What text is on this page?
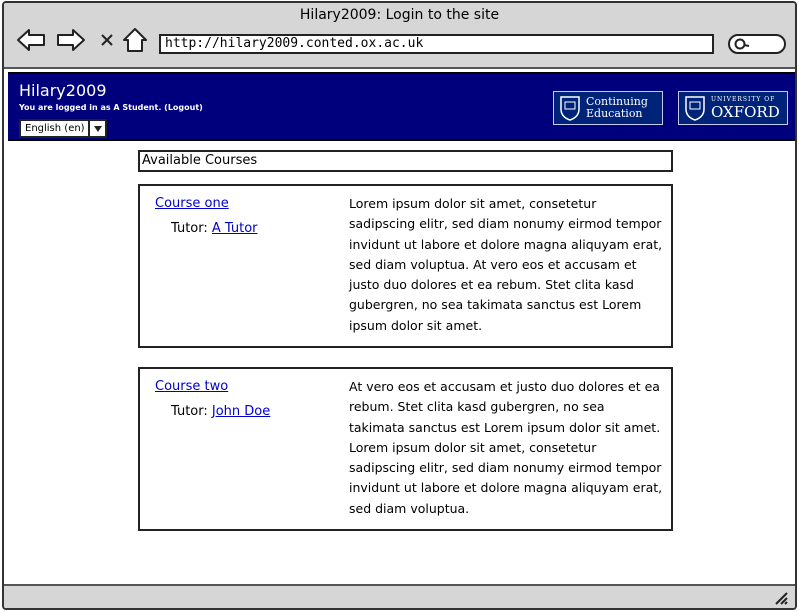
Hilary2009: Login to the site
http://hilary2009.conted.ox.ac.uk
Hilary2009
You are logged in as A Student. (Logout)
English (en)
Continuing
Education
UNIVERSITY OF
OXFORD
Available Courses
Course one
Tutor: A Tutor
Lorem ipsum dolor sit amet, consetetur sadipscing elitr, sed diam nonumy eirmod tempor invidunt ut labore et dolore magna aliquyam erat, sed diam voluptua. At vero eos et accusam et justo duo dolores et ea rebum. Stet clita kasd gubergren, no sea takimata sanctus est Lorem ipsum dolor sit amet.
Course two
Tutor: John Doe
At vero eos et accusam et justo duo dolores et ea rebum. Stet clita kasd gubergren, no sea takimata sanctus est Lorem ipsum dolor sit amet. Lorem ipsum dolor sit amet, consetetur sadipscing elitr, sed diam nonumy eirmod tempor invidunt ut labore et dolore magna aliquyam erat, sed diam voluptua.
